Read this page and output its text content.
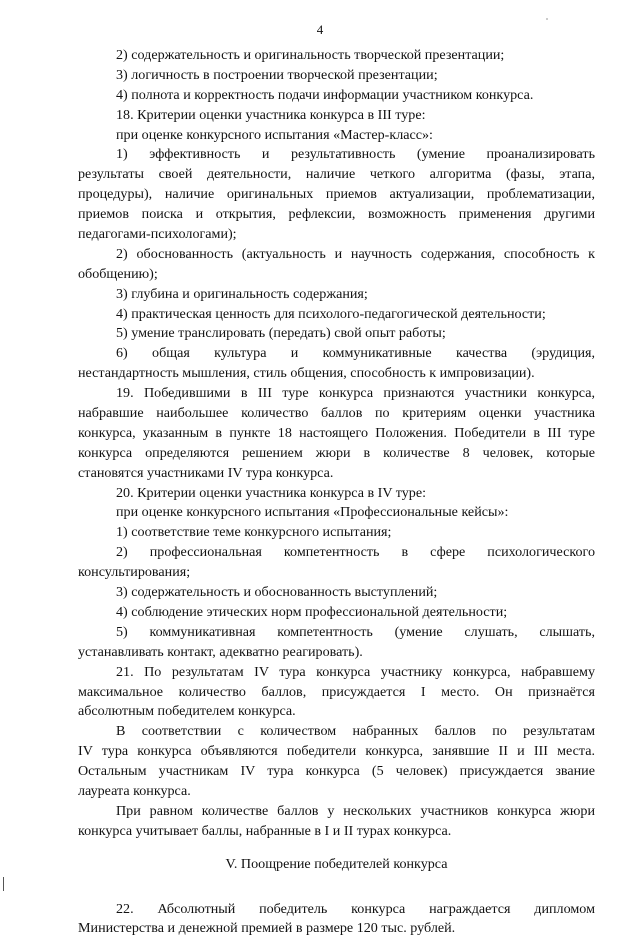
4
2) содержательность и оригинальность творческой презентации;
3) логичность в построении творческой презентации;
4) полнота и корректность подачи информации участником конкурса.
18. Критерии оценки участника конкурса в III туре:
при оценке конкурсного испытания «Мастер-класс»:
1) эффективность и результативность (умение проанализировать
результаты своей деятельности, наличие четкого алгоритма (фазы, этапа,
процедуры), наличие оригинальных приемов актуализации, проблематизации,
приемов поиска и открытия, рефлексии, возможность применения другими
педагогами-психологами);
2) обоснованность (актуальность и научность содержания, способность к
обобщению);
3) глубина и оригинальность содержания;
4) практическая ценность для психолого-педагогической деятельности;
5) умение транслировать (передать) свой опыт работы;
6) общая культура и коммуникативные качества (эрудиция,
нестандартность мышления, стиль общения, способность к импровизации).
19. Победившими в III туре конкурса признаются участники конкурса,
набравшие наибольшее количество баллов по критериям оценки участника
конкурса, указанным в пункте 18 настоящего Положения. Победители в III туре
конкурса определяются решением жюри в количестве 8 человек, которые
становятся участниками IV тура конкурса.
20. Критерии оценки участника конкурса в IV туре:
при оценке конкурсного испытания «Профессиональные кейсы»:
1) соответствие теме конкурсного испытания;
2) профессиональная компетентность в сфере психологического
консультирования;
3) содержательность и обоснованность выступлений;
4) соблюдение этических норм профессиональной деятельности;
5) коммуникативная компетентность (умение слушать, слышать,
устанавливать контакт, адекватно реагировать).
21. По результатам IV тура конкурса участнику конкурса, набравшему
максимальное количество баллов, присуждается I место. Он признаётся
абсолютным победителем конкурса.
В соответствии с количеством набранных баллов по результатам
IV тура конкурса объявляются победители конкурса, занявшие II и III места.
Остальным участникам IV тура конкурса (5 человек) присуждается звание
лауреата конкурса.
При равном количестве баллов у нескольких участников конкурса жюри
конкурса учитывает баллы, набранные в I и II турах конкурса.
V. Поощрение победителей конкурса
22. Абсолютный победитель конкурса награждается дипломом
Министерства и денежной премией в размере 120 тыс. рублей.
